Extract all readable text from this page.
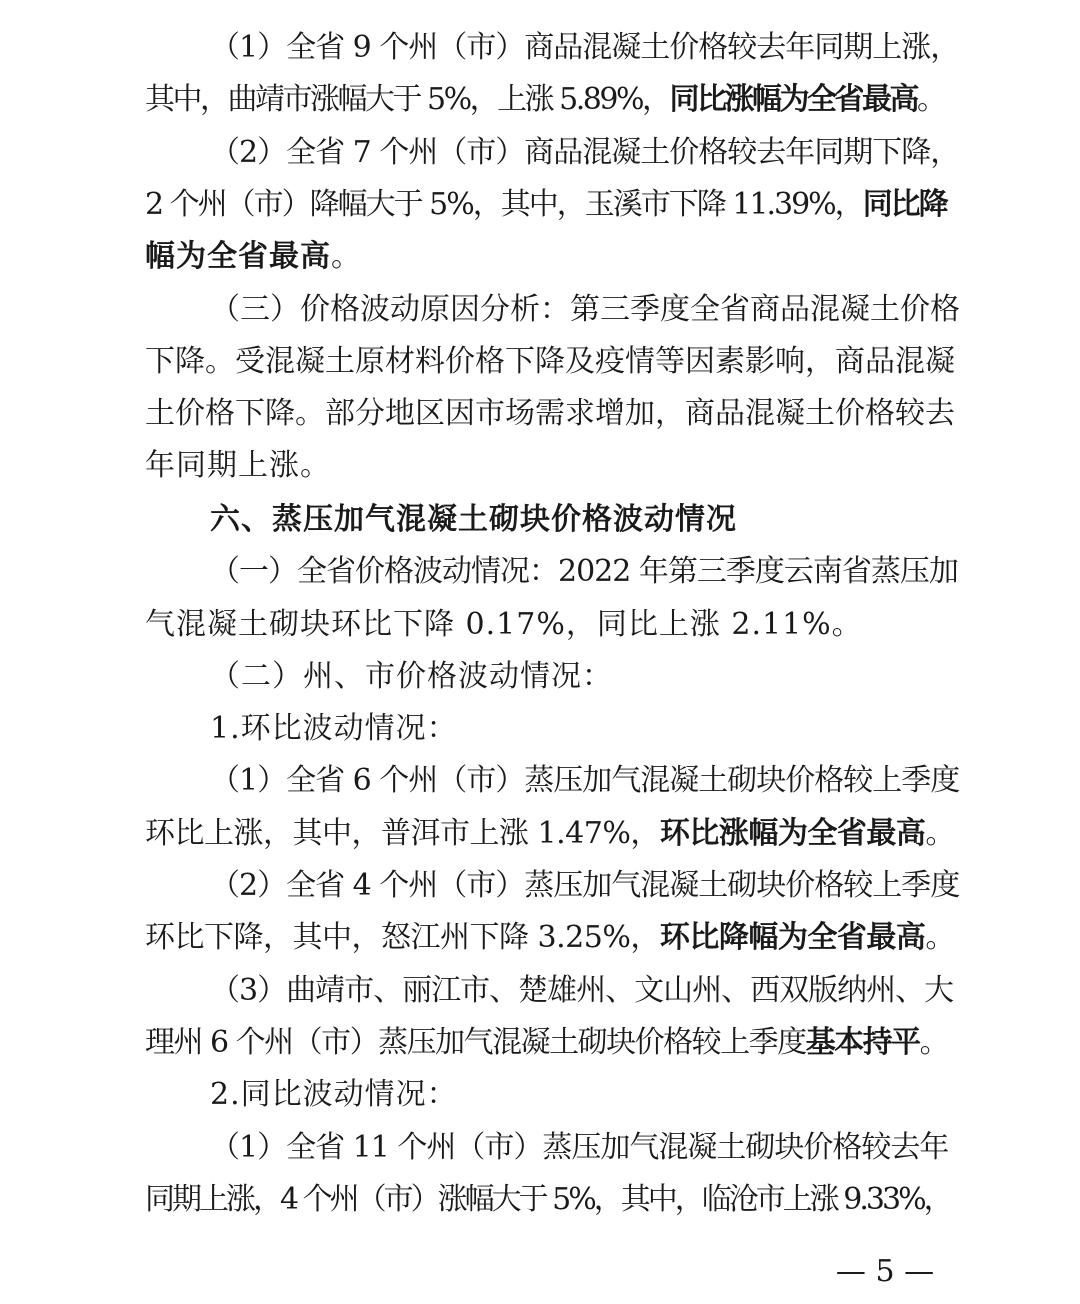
（1）全省 9 个州（市）商品混凝土价格较去年同期上涨，
其中，曲靖市涨幅大于 5%，上涨 5.89%，同比涨幅为全省最高。
（2）全省 7 个州（市）商品混凝土价格较去年同期下降，
2 个州（市）降幅大于 5%，其中，玉溪市下降 11.39%，同比降
幅为全省最高。
（三）价格波动原因分析：第三季度全省商品混凝土价格
下降。受混凝土原材料价格下降及疫情等因素影响，商品混凝
土价格下降。部分地区因市场需求增加，商品混凝土价格较去
年同期上涨。
六、蒸压加气混凝土砌块价格波动情况
（一）全省价格波动情况：2022 年第三季度云南省蒸压加
气混凝土砌块环比下降 0.17%，同比上涨 2.11%。
（二）州、市价格波动情况：
1.环比波动情况：
（1）全省 6 个州（市）蒸压加气混凝土砌块价格较上季度
环比上涨，其中，普洱市上涨 1.47%，环比涨幅为全省最高。
（2）全省 4 个州（市）蒸压加气混凝土砌块价格较上季度
环比下降，其中，怒江州下降 3.25%，环比降幅为全省最高。
（3）曲靖市、丽江市、楚雄州、文山州、西双版纳州、大
理州 6 个州（市）蒸压加气混凝土砌块价格较上季度基本持平。
2.同比波动情况：
（1）全省 11 个州（市）蒸压加气混凝土砌块价格较去年
同期上涨，4 个州（市）涨幅大于 5%，其中，临沧市上涨 9.33%，
— 5 —
